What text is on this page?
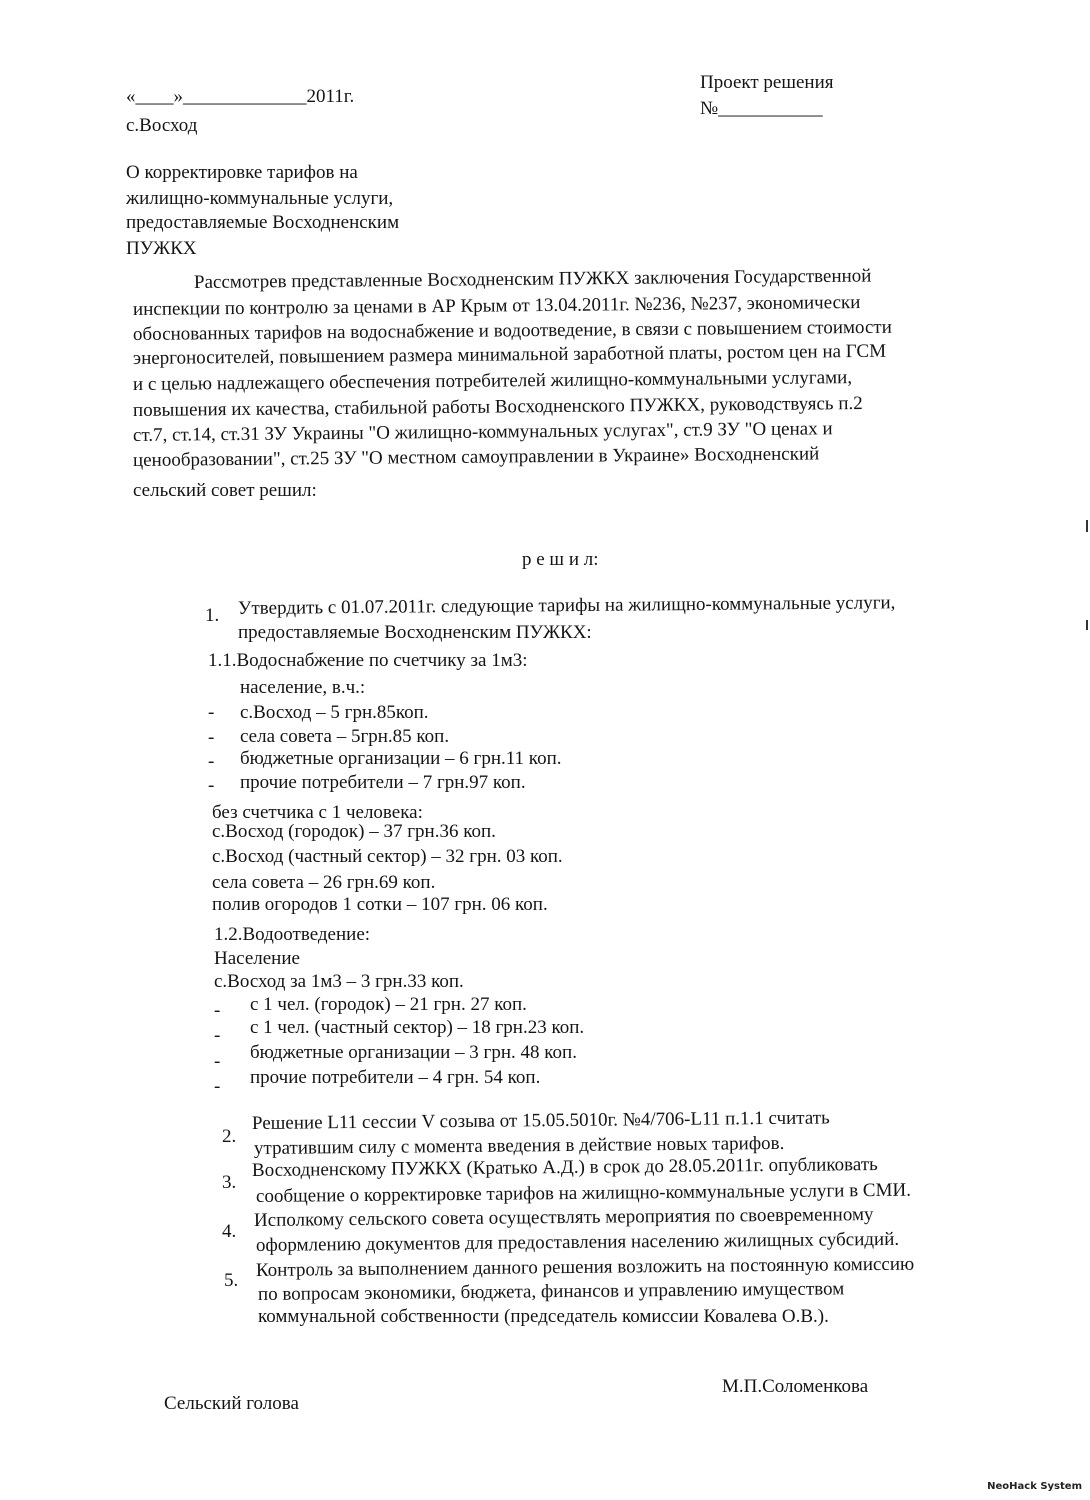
«____»_____________2011г.
с.Восход
Проект решения
№___________
О корректировке тарифов на
жилищно-коммунальные услуги,
предоставляемые Восходненским
ПУЖКХ
Рассмотрев представленные Восходненским ПУЖКХ заключения Государственной
инспекции по контролю за ценами в АР Крым от 13.04.2011г. №236, №237, экономически
обоснованных тарифов на водоснабжение и водоотведение, в связи с повышением стоимости
энергоносителей, повышением размера минимальной заработной платы, ростом цен на ГСМ
и с целью надлежащего обеспечения потребителей жилищно-коммунальными услугами,
повышения их качества, стабильной работы Восходненского ПУЖКХ, руководствуясь п.2
ст.7, ст.14, ст.31 ЗУ Украины "О жилищно-коммунальных услугах", ст.9 ЗУ "О ценах и
ценообразовании", ст.25 ЗУ "О местном самоуправлении в Украине» Восходненский
сельский совет решил:
р е ш и л:
1. Утвердить с 01.07.2011г. следующие тарифы на жилищно-коммунальные услуги,
предоставляемые Восходненским ПУЖКХ:
1.1.Водоснабжение по счетчику за 1м3:
население, в.ч.:
- с.Восход – 5 грн.85коп.
- села совета – 5грн.85 коп.
- бюджетные организации – 6 грн.11 коп.
- прочие потребители – 7 грн.97 коп.
без счетчика с 1 человека:
с.Восход (городок) – 37 грн.36 коп.
с.Восход (частный сектор) – 32 грн. 03 коп.
села совета – 26 грн.69 коп.
полив огородов 1 сотки – 107 грн. 06 коп.
1.2.Водоотведение:
Население
с.Восход за 1м3 – 3 грн.33 коп.
- с 1 чел. (городок) – 21 грн. 27 коп.
- с 1 чел. (частный сектор) – 18 грн.23 коп.
- бюджетные организации – 3 грн. 48 коп.
- прочие потребители – 4 грн. 54 коп.
2.
Решение L11 сессии V созыва от 15.05.5010г. №4/706-L11 п.1.1 считать
утратившим силу с момента введения в действие новых тарифов.
3.
Восходненскому ПУЖКХ (Кратько А.Д.) в срок до 28.05.2011г. опубликовать
сообщение о корректировке тарифов на жилищно-коммунальные услуги в СМИ.
4.
Исполкому сельского совета осуществлять мероприятия по своевременному
оформлению документов для предоставления населению жилищных субсидий.
5. Контроль за выполнением данного решения возложить на постоянную комиссию
по вопросам экономики, бюджета, финансов и управлению имуществом
коммунальной собственности (председатель комиссии Ковалева О.В.).
Сельский голова
М.П.Соломенкова
NeoHack System
